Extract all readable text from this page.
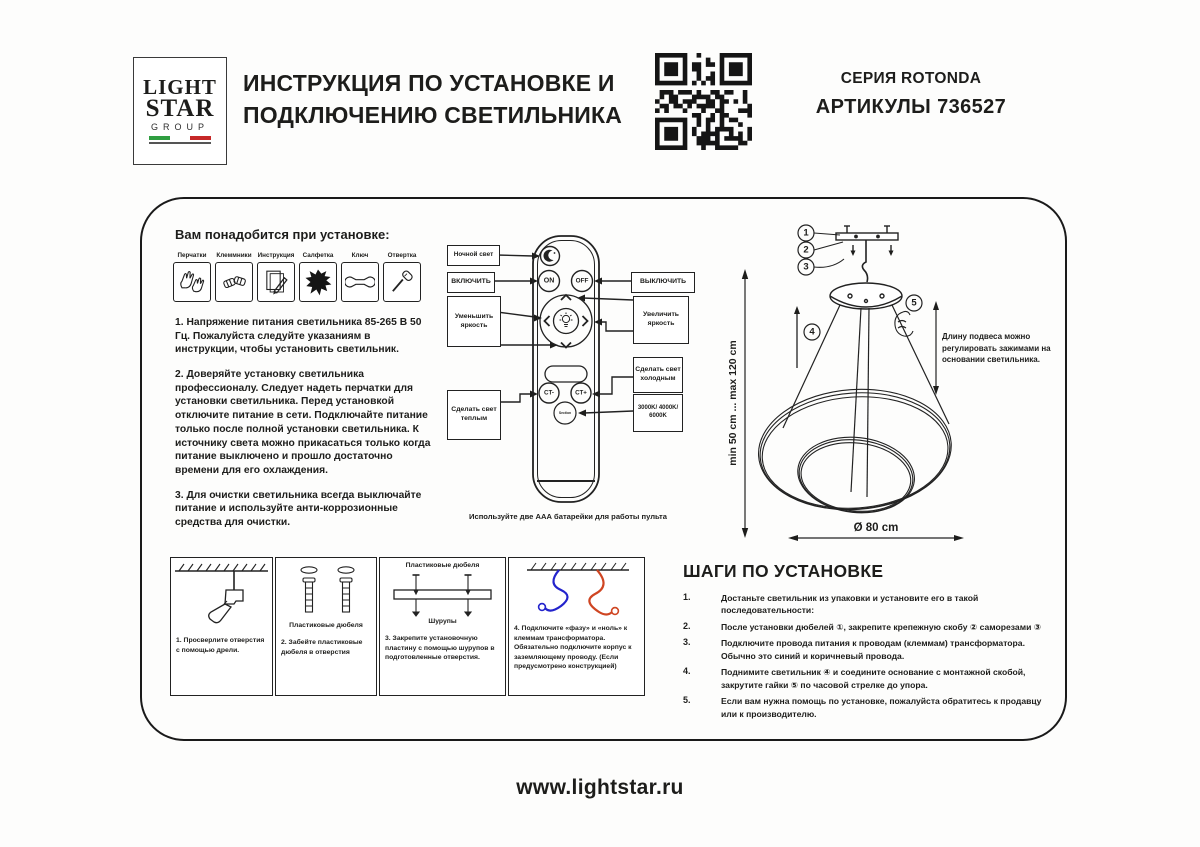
LIGHT
STAR
GROUP
ИНСТРУКЦИЯ ПО УСТАНОВКЕ И
ПОДКЛЮЧЕНИЮ СВЕТИЛЬНИКА
СЕРИЯ ROTONDA
АРТИКУЛЫ 736527
Вам понадобится при установке:
Перчатки Клеммники Инструкция Салфетка	Ключ	Отвертка

1. Напряжение питания светильника 85-265 В 50 Гц. Пожалуйста следуйте указаниям в инструкции, чтобы установить светильник.

2. Доверяйте установку светильника профессионалу. Следует надеть перчатки для установки светильника. Перед установкой отключите питание в сети. Подключайте питание только после полной установки светильника. К источнику света можно прикасаться только когда питание выключено и прошло достаточно времени для его охлаждения.

3. Для очистки светильника всегда выключайте питание и используйте анти-коррозионные средства для очистки.

ON	OFF
CT-	CT+
Section
Ночной свет
ВКЛЮЧИТЬ
Уменьшить яркость
Сделать свет теплым
ВЫКЛЮЧИТЬ
Увеличить яркость
Сделать свет холодным
3000K/ 4000K/ 6000K
Используйте две ААА батарейки для работы пульта
1
2
3
4
5
min 50 cm ... max 120 cm
Ø 80 cm
Длину подвеса можно регулировать зажимами на основании светильника.
1. Просверлите отверстия с помощью дрели.
Пластиковые дюбеля
2. Забейте пластиковые дюбеля в отверстия
Пластиковые дюбеля
Шурупы
3. Закрепите установочную пластину с помощью шурупов в подготовленные отверстия.
4. Подключите «фазу» и «ноль» к клеммам трансформатора. Обязательно подключите корпус к заземляющему проводу. (Если предусмотрено конструкцией)
ШАГИ ПО УСТАНОВКЕ
1.	Достаньте светильник из упаковки и установите его в такой последовательности:
2.	После установки дюбелей ①, закрепите крепежную скобу ② саморезами ③
3.	Подключите провода питания к проводам (клеммам) трансформатора. Обычно это синий и коричневый провода.
4.	Поднимите светильник ④ и соедините основание с монтажной скобой, закрутите гайки ⑤ по часовой стрелке до упора.
5.	Если вам нужна помощь по установке, пожалуйста обратитесь к продавцу или к производителю.
www.lightstar.ru
